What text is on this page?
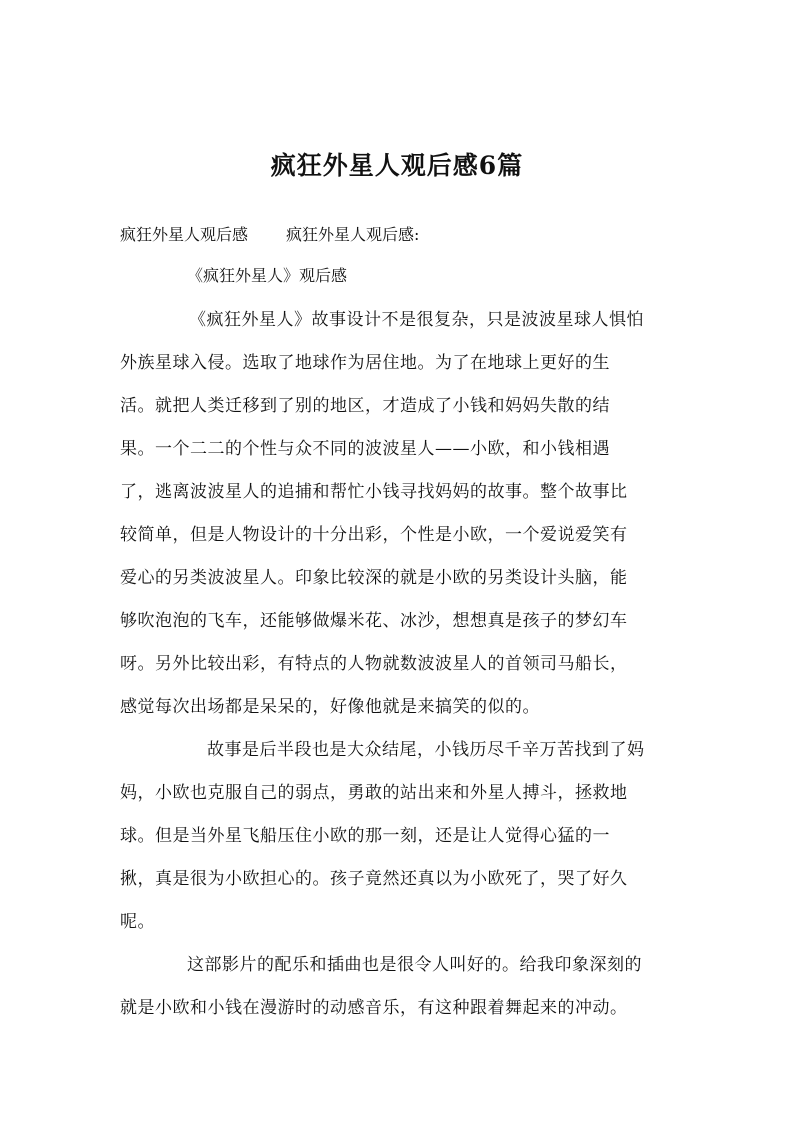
疯狂外星人观后感6篇
疯狂外星人观后感 疯狂外星人观后感:
《疯狂外星人》观后感
《疯狂外星人》故事设计不是很复杂，只是波波星球人惧怕
外族星球入侵。选取了地球作为居住地。为了在地球上更好的生
活。就把人类迁移到了别的地区，才造成了小钱和妈妈失散的结
果。一个二二的个性与众不同的波波星人——小欧，和小钱相遇
了，逃离波波星人的追捕和帮忙小钱寻找妈妈的故事。整个故事比
较简单，但是人物设计的十分出彩，个性是小欧，一个爱说爱笑有
爱心的另类波波星人。印象比较深的就是小欧的另类设计头脑，能
够吹泡泡的飞车，还能够做爆米花、冰沙，想想真是孩子的梦幻车
呀。另外比较出彩，有特点的人物就数波波星人的首领司马船长，
感觉每次出场都是呆呆的，好像他就是来搞笑的似的。
故事是后半段也是大众结尾，小钱历尽千辛万苦找到了妈
妈，小欧也克服自己的弱点，勇敢的站出来和外星人搏斗，拯救地
球。但是当外星飞船压住小欧的那一刻，还是让人觉得心猛的一
揪，真是很为小欧担心的。孩子竟然还真以为小欧死了，哭了好久
呢。
这部影片的配乐和插曲也是很令人叫好的。给我印象深刻的
就是小欧和小钱在漫游时的动感音乐，有这种跟着舞起来的冲动。
